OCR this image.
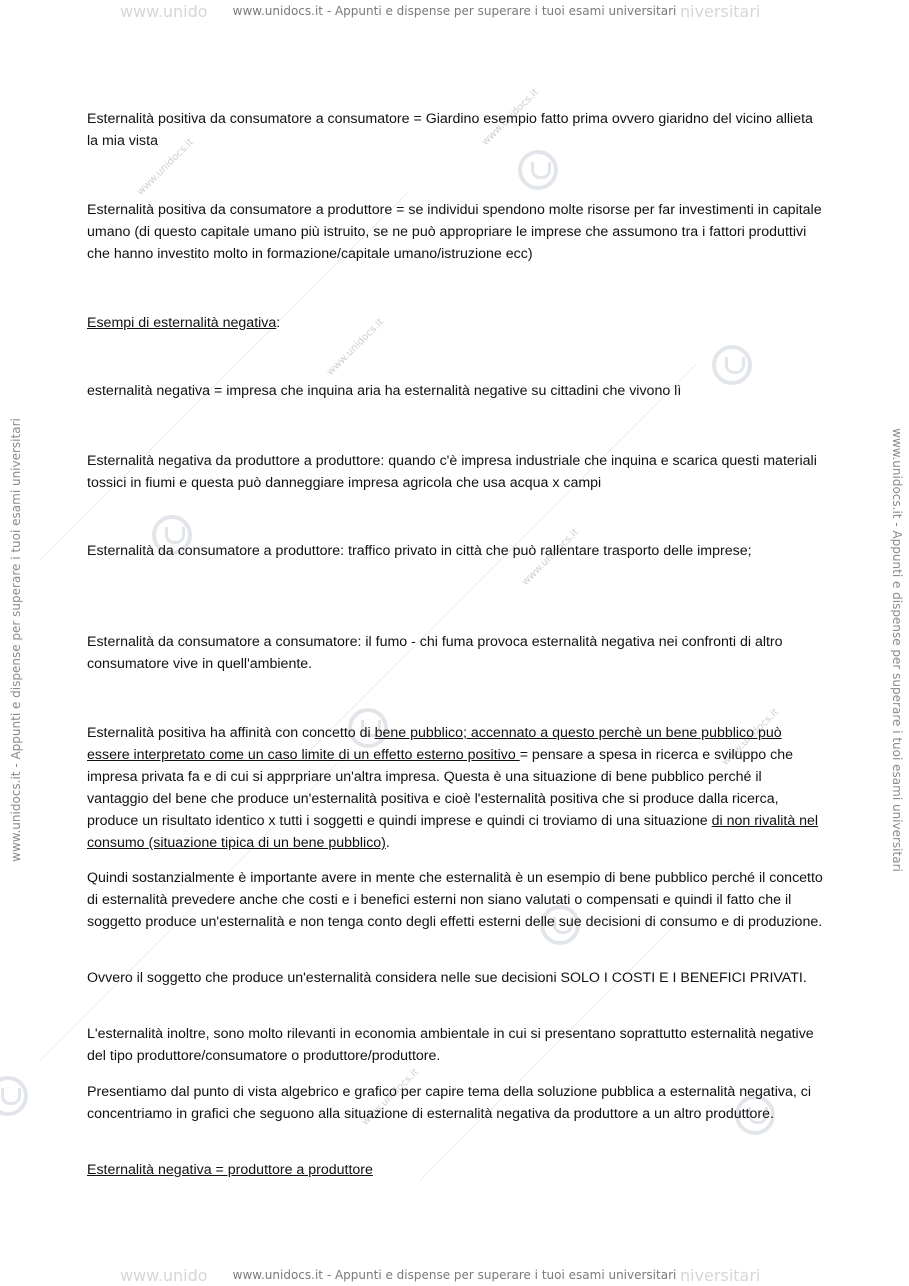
www.unido	niversitari
www.unidocs.it - Appunti e dispense per superare i tuoi esami universitari
www.unido	niversitari
www.unidocs.it - Appunti e dispense per superare i tuoi esami universitari
www.unidocs.it - Appunti e dispense per superare i tuoi esami universitari	www.unidocs.it - Appunti e dispense per superare i tuoi esami universitari
www.unidocs.it
www.unidocs.it
www.unidocs.it
www.unidocs.it
www.unidocs.it
www.unidocs.it

Esternalità positiva da consumatore a consumatore = Giardino esempio fatto prima ovvero giaridno del vicino allieta la mia vista

Esternalità positiva da consumatore a produttore = se individui spendono molte risorse per far investimenti in capitale umano (di questo capitale umano più istruito, se ne può appropriare le imprese che assumono tra i fattori produttivi che hanno investito molto in formazione/capitale umano/istruzione ecc)

Esempi di esternalità negativa:

esternalità negativa = impresa che inquina aria ha esternalità negative su cittadini che vivono lì

Esternalità negativa da produttore a produttore: quando c'è impresa industriale che inquina e scarica questi materiali tossici in fiumi e questa può danneggiare impresa agricola che usa acqua x campi

Esternalità da consumatore a produttore: traffico privato in città che può rallentare trasporto delle imprese;

Esternalità da consumatore a consumatore: il fumo - chi fuma provoca esternalità negativa nei confronti di altro consumatore vive in quell'ambiente.

Esternalità positiva ha affinità con concetto di bene pubblico; accennato a questo perchè un bene pubblico può essere interpretato come un caso limite di un effetto esterno positivo = pensare a spesa in ricerca e sviluppo che impresa privata fa e di cui si apprpriare un'altra impresa. Questa è una situazione di bene pubblico perché il vantaggio del bene che produce un'esternalità positiva e cioè l'esternalità positiva che si produce dalla ricerca, produce un risultato identico x tutti i soggetti e quindi imprese e quindi ci troviamo di una situazione di non rivalità nel consumo (situazione tipica di un bene pubblico).

Quindi sostanzialmente è importante avere in mente che esternalità è un esempio di bene pubblico perché il concetto di esternalità prevedere anche che costi e i benefici esterni non siano valutati o compensati e quindi il fatto che il soggetto produce un'esternalità e non tenga conto degli effetti esterni delle sue decisioni di consumo e di produzione.

Ovvero il soggetto che produce un'esternalità considera nelle sue decisioni SOLO I COSTI E I BENEFICI PRIVATI.

L'esternalità inoltre, sono molto rilevanti in economia ambientale in cui si presentano soprattutto esternalità negative del tipo produttore/consumatore o produttore/produttore.

Presentiamo dal punto di vista algebrico e grafico per capire tema della soluzione pubblica a esternalità negativa, ci concentriamo in grafici che seguono alla situazione di esternalità negativa da produttore a un altro produttore.

Esternalità negativa = produttore a produttore
